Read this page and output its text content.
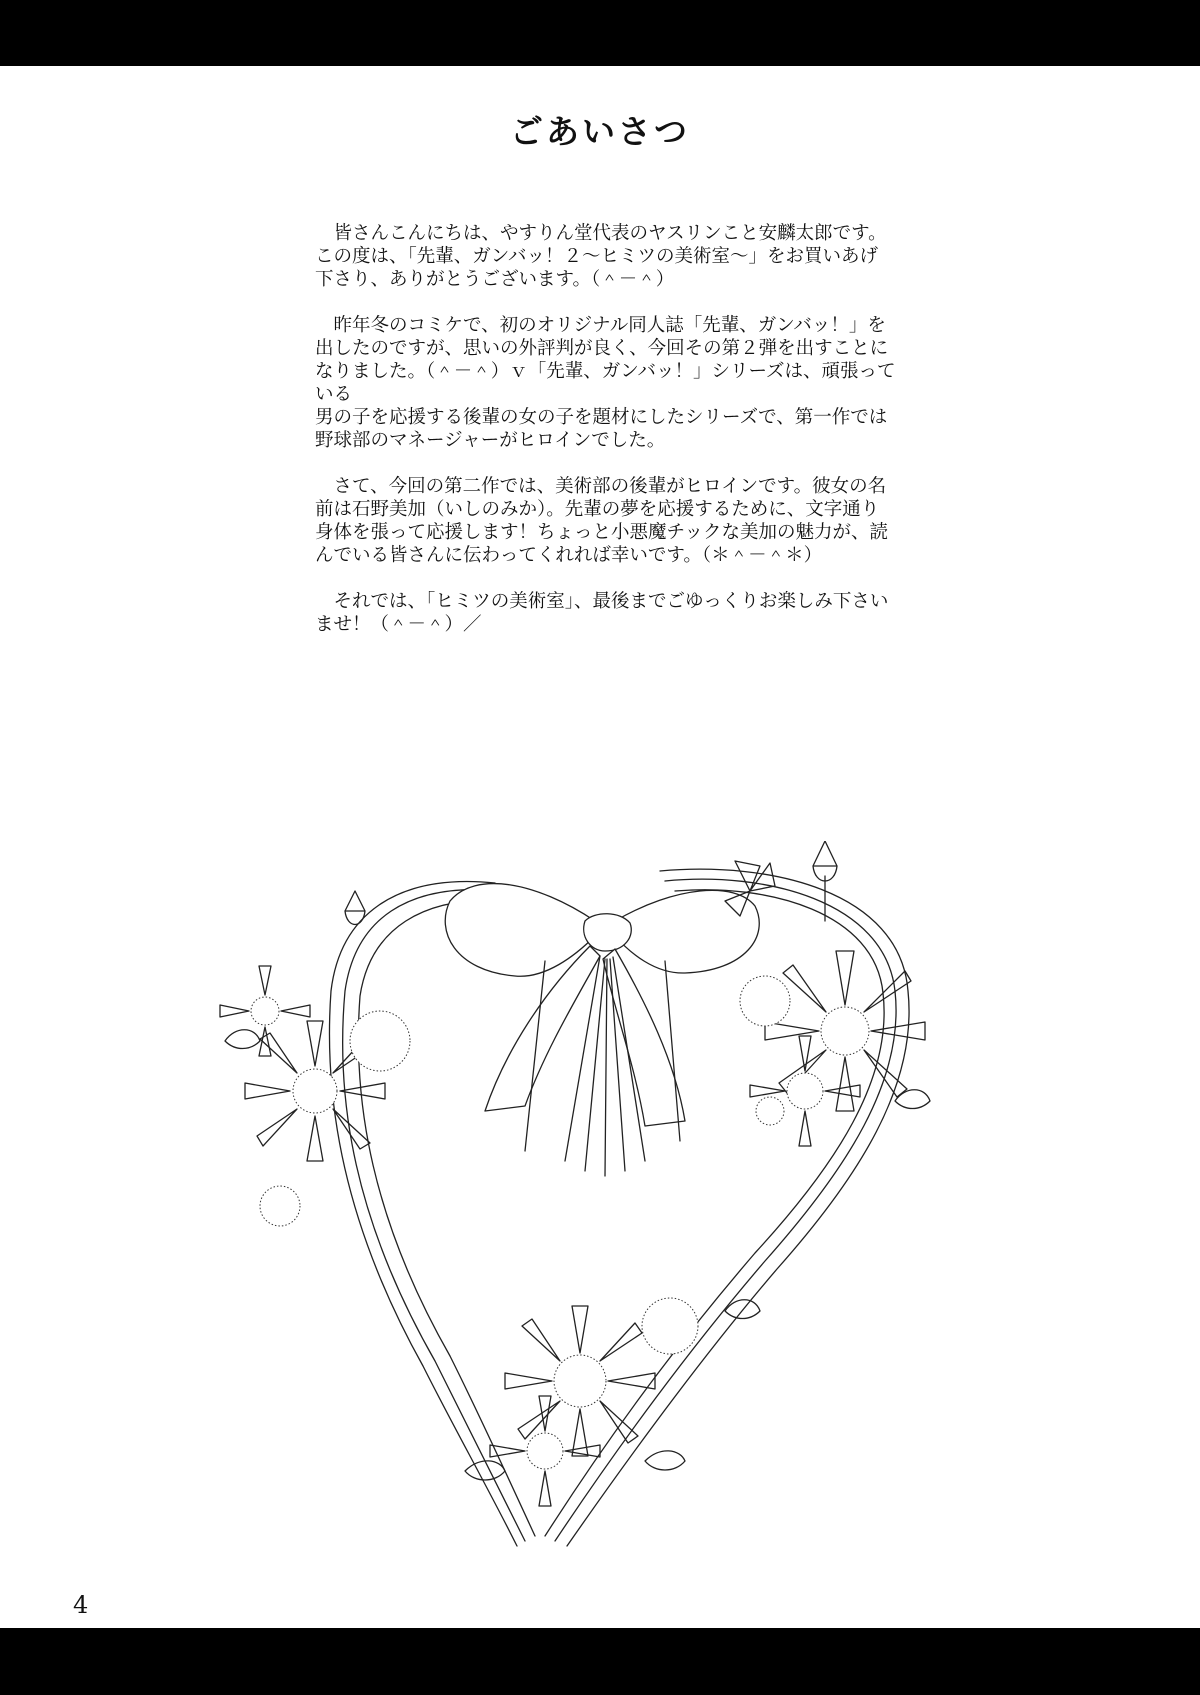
ごあいさつ

　皆さんこんにちは、やすりん堂代表のヤスリンこと安麟太郎です。
この度は、「先輩、ガンバッ！２〜ヒミツの美術室〜」をお買いあげ
下さり、ありがとうございます。（＾－＾）

　昨年冬のコミケで、初のオリジナル同人誌「先輩、ガンバッ！」を
出したのですが、思いの外評判が良く、今回その第２弾を出すことに
なりました。（＾－＾）ｖ「先輩、ガンバッ！」シリーズは、頑張っている
男の子を応援する後輩の女の子を題材にしたシリーズで、第一作では
野球部のマネージャーがヒロインでした。

　さて、今回の第二作では、美術部の後輩がヒロインです。彼女の名
前は石野美加（いしのみか）。先輩の夢を応援するために、文字通り
身体を張って応援します！ちょっと小悪魔チックな美加の魅力が、読
んでいる皆さんに伝わってくれれば幸いです。（＊＾－＾＊）

　それでは、「ヒミツの美術室」、最後までごゆっくりお楽しみ下さい
ませ！（＾－＾）／

4
